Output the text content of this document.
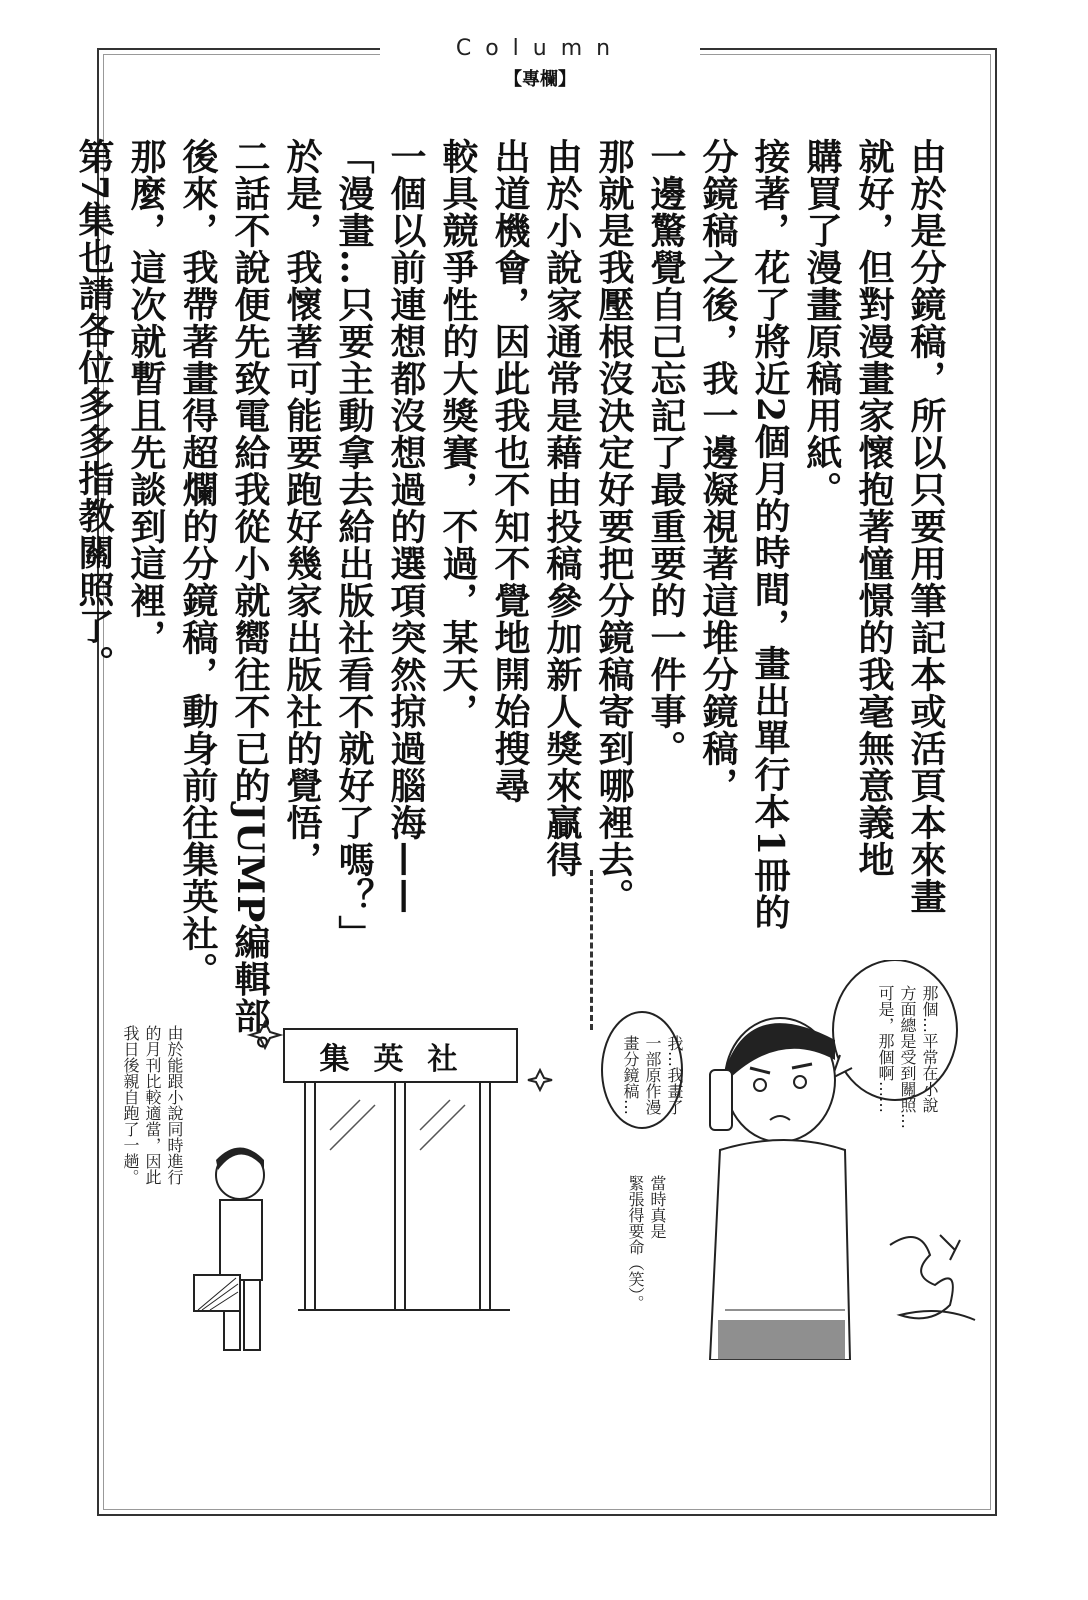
Column
【專欄】
由於是分鏡稿，所以只要用筆記本或活頁本來畫
就好，但對漫畫家懷抱著憧憬的我毫無意義地
購買了漫畫原稿用紙。
接著，花了將近2個月的時間，畫出單行本1冊的
分鏡稿之後，我一邊凝視著這堆分鏡稿，
一邊驚覺自己忘記了最重要的一件事。
那就是我壓根沒決定好要把分鏡稿寄到哪裡去。
由於小說家通常是藉由投稿參加新人獎來贏得
出道機會，因此我也不知不覺地開始搜尋
較具競爭性的大獎賽，不過，某天，
一個以前連想都沒想過的選項突然掠過腦海——
「漫畫…只要主動拿去給出版社看不就好了嗎？」
於是，我懷著可能要跑好幾家出版社的覺悟，
二話不說便先致電給我從小就嚮往不已的JUMP編輯部。
後來，我帶著畫得超爛的分鏡稿，動身前往集英社。
那麼，這次就暫且先談到這裡，
第7集也請各位多多指教關照了。
集英社
由於能跟小說同時進行
的月刊比較適當，因此
我日後親自跑了一趟。	那個…平常在小說
方面總是受到關照…
可是，那個啊……
我…我畫了
一部原作漫
畫分鏡稿…
當時真是
緊張得要命（笑）。
